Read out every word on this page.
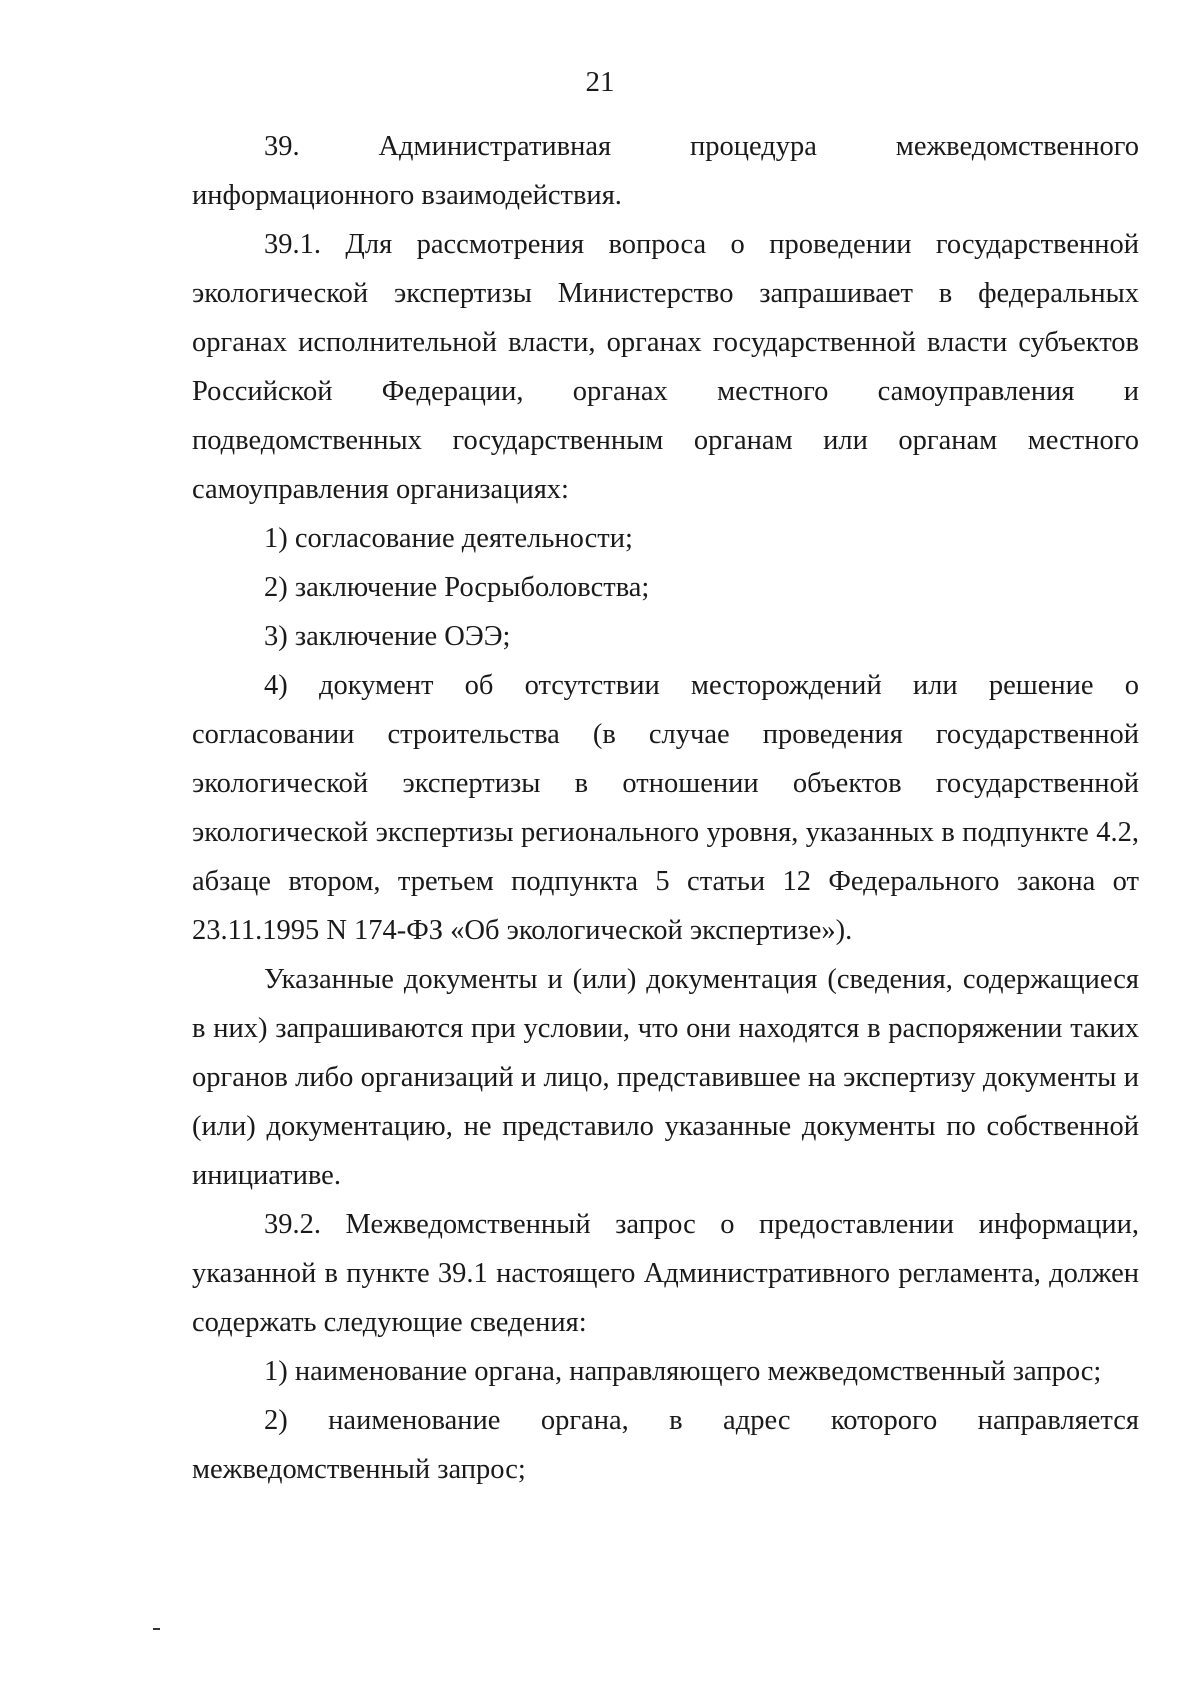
21

39. Административная процедура межведомственного

информационного взаимодействия.

39.1. Для рассмотрения вопроса о проведении государственной экологической экспертизы Министерство запрашивает в федеральных органах исполнительной власти, органах государственной власти субъектов Российской Федерации, органах местного самоуправления и подведомственных государственным органам или органам местного самоуправления организациях:

1) согласование деятельности;

2) заключение Росрыболовства;

3) заключение ОЭЭ;

4) документ об отсутствии месторождений или решение о согласовании строительства (в случае проведения государственной экологической экспертизы в отношении объектов государственной экологической экспертизы регионального уровня, указанных в подпункте 4.2, абзаце втором, третьем подпункта 5 статьи 12 Федерального закона от 23.11.1995 N 174-ФЗ «Об экологической экспертизе»).

Указанные документы и (или) документация (сведения, содержащиеся в них) запрашиваются при условии, что они находятся в распоряжении таких органов либо организаций и лицо, представившее на экспертизу документы и (или) документацию, не представило указанные документы по собственной инициативе.

39.2. Межведомственный запрос о предоставлении информации, указанной в пункте 39.1 настоящего Административного регламента, должен содержать следующие сведения:

1) наименование органа, направляющего межведомственный запрос;

2) наименование органа, в адрес которого направляется межведомственный запрос;
